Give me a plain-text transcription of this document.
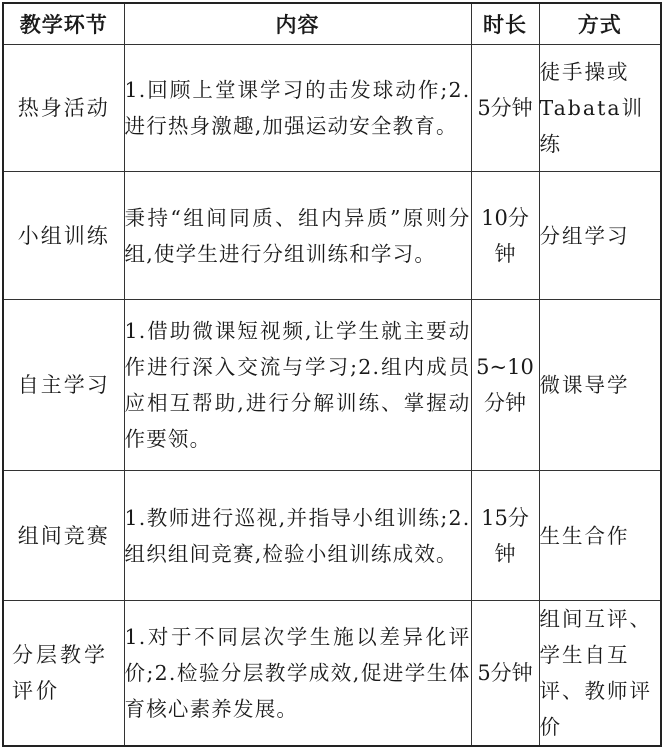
教学环节	内容	时长	方式
热身活动	1.回顾上堂课学习的击发球动作;2.进行热身激趣,加强运动安全教育。	5分钟	徒手操或Tabata训练
小组训练	秉持“组间同质、组内异质”原则分组,使学生进行分组训练和学习。	10分钟	分组学习
自主学习	1.借助微课短视频,让学生就主要动作进行深入交流与学习;2.组内成员应相互帮助,进行分解训练、掌握动作要领。	5~10分钟	微课导学
组间竞赛	1.教师进行巡视,并指导小组训练;2.组织组间竞赛,检验小组训练成效。	15分钟	生生合作
分层教学评价	1.对于不同层次学生施以差异化评价;2.检验分层教学成效,促进学生体育核心素养发展。	5分钟	组间互评、学生自互评、教师评价
